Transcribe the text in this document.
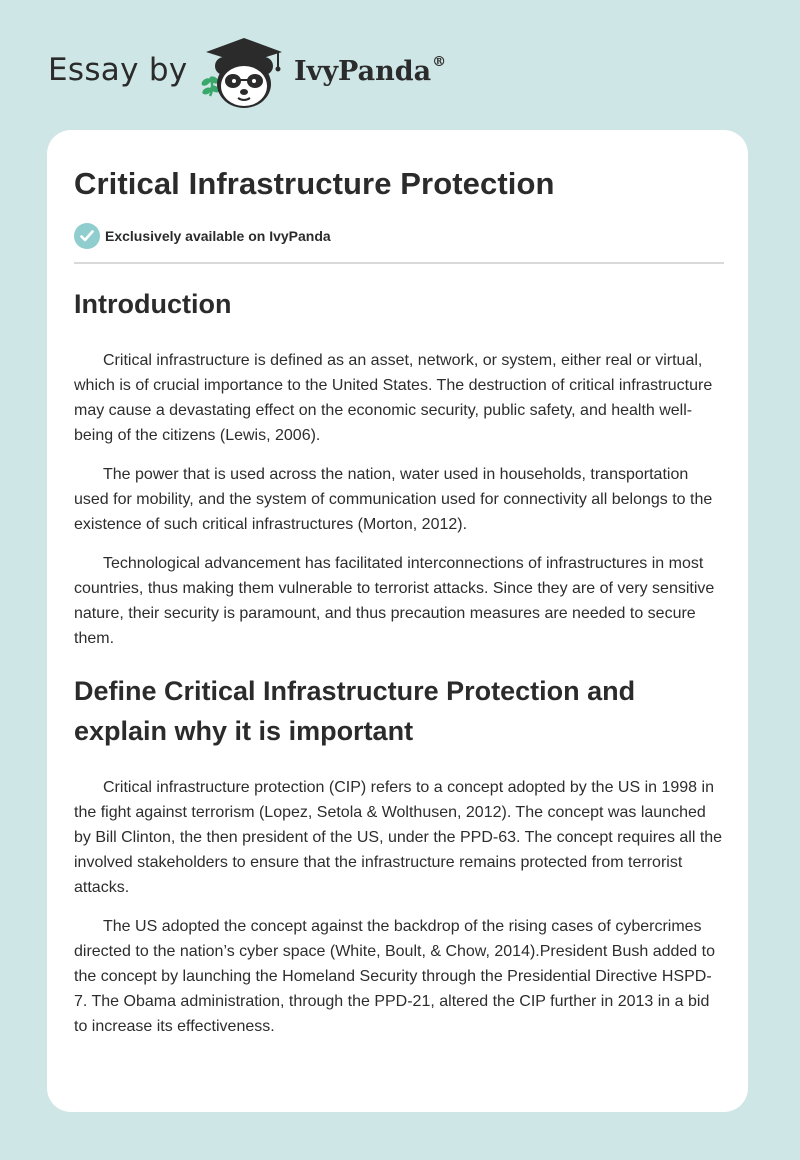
Essay by	IvyPanda®
Critical Infrastructure Protection
Exclusively available on IvyPanda
Introduction

Critical infrastructure is defined as an asset, network, or system, either real or virtual, which is of crucial importance to the United States. The destruction of critical infrastructure may cause a devastating effect on the economic security, public safety, and health well-being of the citizens (Lewis, 2006).

The power that is used across the nation, water used in households, transportation used for mobility, and the system of communication used for connectivity all belongs to the existence of such critical infrastructures (Morton, 2012).

Technological advancement has facilitated interconnections of infrastructures in most countries, thus making them vulnerable to terrorist attacks. Since they are of very sensitive nature, their security is paramount, and thus precaution measures are needed to secure them.

Define Critical Infrastructure Protection and explain why it is important

Critical infrastructure protection (CIP) refers to a concept adopted by the US in 1998 in the fight against terrorism (Lopez, Setola & Wolthusen, 2012). The concept was launched by Bill Clinton, the then president of the US, under the PPD-63. The concept requires all the involved stakeholders to ensure that the infrastructure remains protected from terrorist attacks.

The US adopted the concept against the backdrop of the rising cases of cybercrimes directed to the nation’s cyber space (White, Boult, & Chow, 2014).President Bush added to the concept by launching the Homeland Security through the Presidential Directive HSPD-7. The Obama administration, through the PPD-21, altered the CIP further in 2013 in a bid to increase its effectiveness.
